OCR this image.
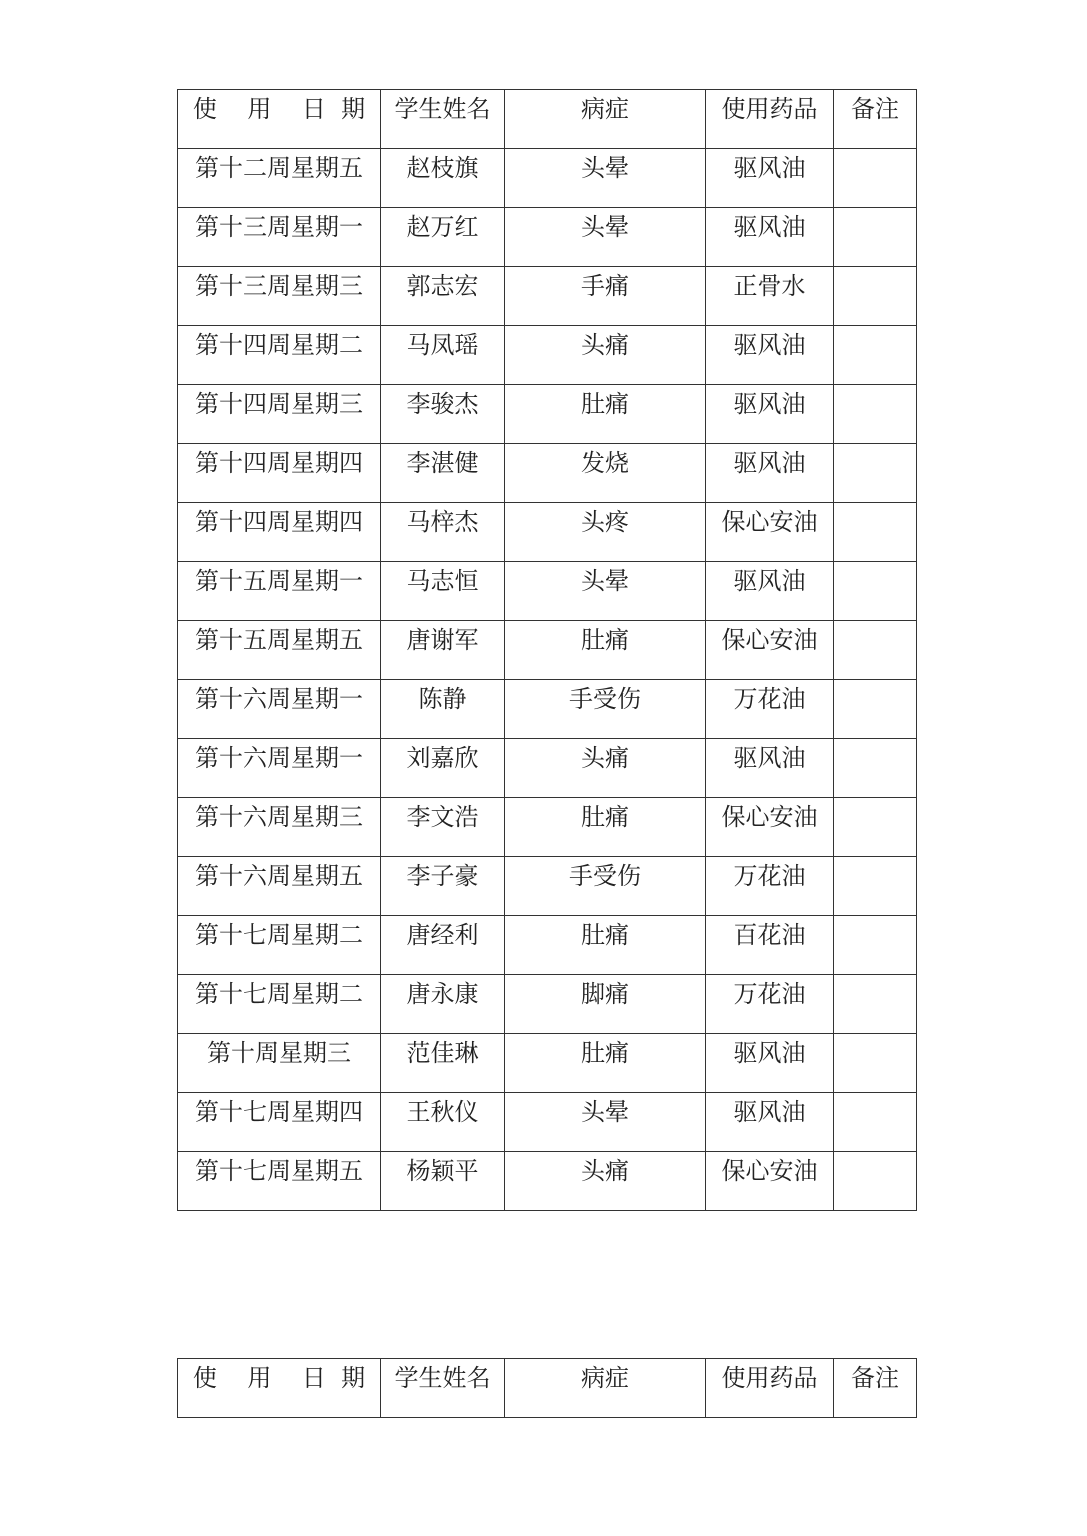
使    用    日  期	学生姓名	病症	使用药品	备注

第十二周星期五	赵枝旗	头晕	驱风油	

第十三周星期一	赵万红	头晕	驱风油	

第十三周星期三	郭志宏	手痛	正骨水	

第十四周星期二	马凤瑶	头痛	驱风油	

第十四周星期三	李骏杰	肚痛	驱风油	

第十四周星期四	李湛健	发烧	驱风油	

第十四周星期四	马梓杰	头疼	保心安油	

第十五周星期一	马志恒	头晕	驱风油	

第十五周星期五	唐谢军	肚痛	保心安油	

第十六周星期一	陈静	手受伤	万花油	

第十六周星期一	刘嘉欣	头痛	驱风油	

第十六周星期三	李文浩	肚痛	保心安油	

第十六周星期五	李子豪	手受伤	万花油	

第十七周星期二	唐经利	肚痛	百花油	

第十七周星期二	唐永康	脚痛	万花油	

第十周星期三	范佳琳	肚痛	驱风油	

第十七周星期四	王秋仪	头晕	驱风油	

第十七周星期五	杨颖平	头痛	保心安油	

使    用    日  期	学生姓名	病症	使用药品	备注
